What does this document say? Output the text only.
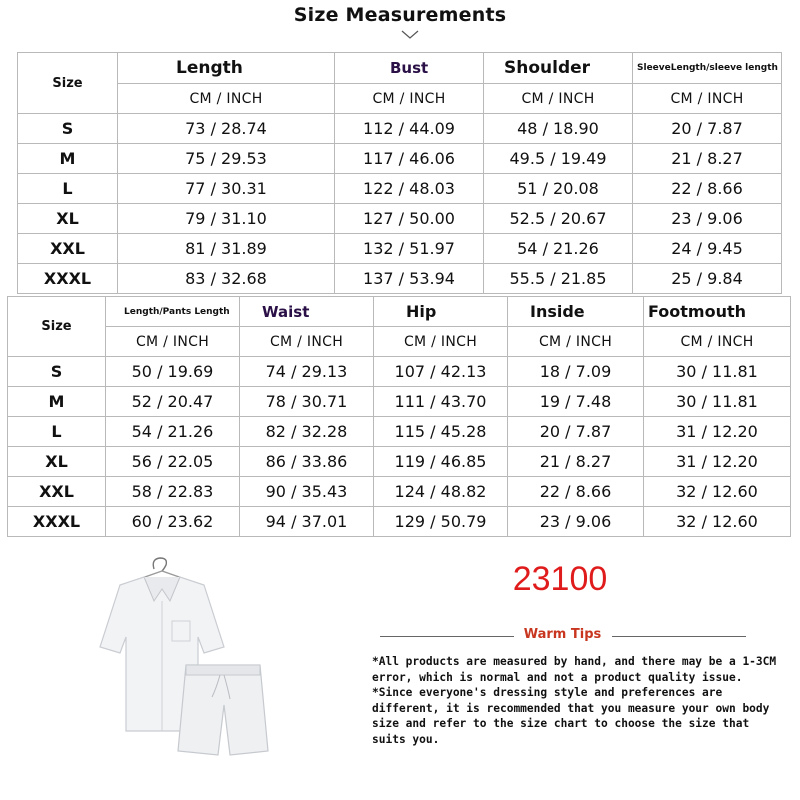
Size Measurements
Size	Length	Bust	Shoulder	SleeveLength/sleeve length
	CM / INCH	CM / INCH	CM / INCH	CM / INCH
S	73 / 28.74	112 / 44.09	48 / 18.90	20 / 7.87
M	75 / 29.53	117 / 46.06	49.5 / 19.49	21 / 8.27
L	77 / 30.31	122 / 48.03	51 / 20.08	22 / 8.66
XL	79 / 31.10	127 / 50.00	52.5 / 20.67	23 / 9.06
XXL	81 / 31.89	132 / 51.97	54 / 21.26	24 / 9.45
XXXL	83 / 32.68	137 / 53.94	55.5 / 21.85	25 / 9.84
Size	Length/Pants Length	Waist	Hip	Inside	Footmouth
	CM / INCH	CM / INCH	CM / INCH	CM / INCH	CM / INCH
S	50 / 19.69	74 / 29.13	107 / 42.13	18 / 7.09	30 / 11.81
M	52 / 20.47	78 / 30.71	111 / 43.70	19 / 7.48	30 / 11.81
L	54 / 21.26	82 / 32.28	115 / 45.28	20 / 7.87	31 / 12.20
XL	56 / 22.05	86 / 33.86	119 / 46.85	21 / 8.27	31 / 12.20
XXL	58 / 22.83	90 / 35.43	124 / 48.82	22 / 8.66	32 / 12.60
XXXL	60 / 23.62	94 / 37.01	129 / 50.79	23 / 9.06	32 / 12.60
23100
Warm Tips
*All products are measured by hand, and there may be a 1-3CM error, which is normal and not a product quality issue. *Since everyone's dressing style and preferences are different, it is recommended that you measure your own body size and refer to the size chart to choose the size that suits you.
